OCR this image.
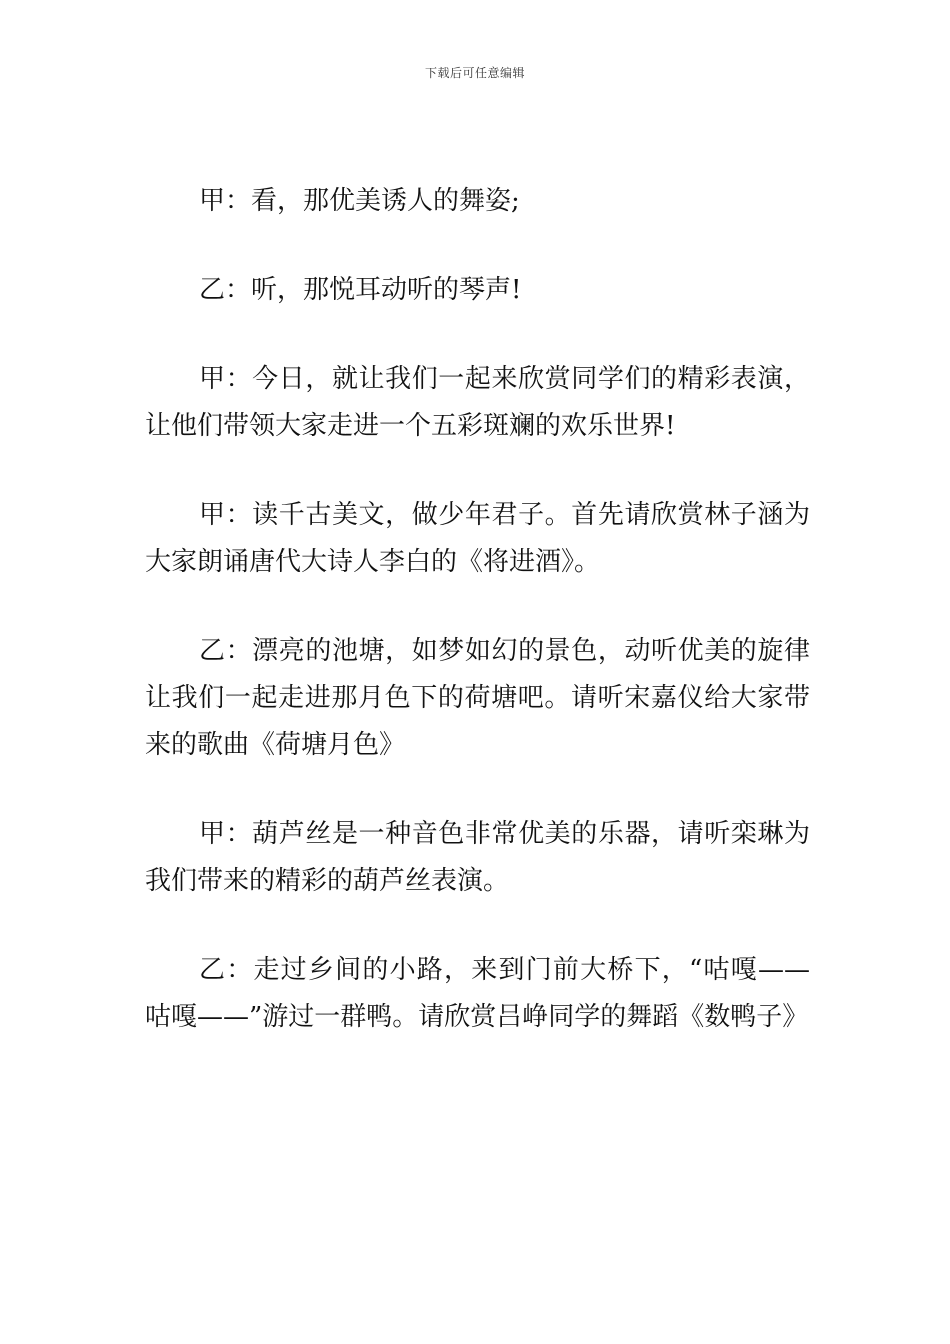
下载后可任意编辑

甲：看，那优美诱人的舞姿;

乙：听，那悦耳动听的琴声!

甲：今日，就让我们一起来欣赏同学们的精彩表演，让他们带领大家走进一个五彩斑斓的欢乐世界!

甲：读千古美文，做少年君子。首先请欣赏林子涵为大家朗诵唐代大诗人李白的《将进酒》。

乙：漂亮的池塘，如梦如幻的景色，动听优美的旋律让我们一起走进那月色下的荷塘吧。请听宋嘉仪给大家带来的歌曲《荷塘月色》

甲：葫芦丝是一种音色非常优美的乐器，请听栾琳为我们带来的精彩的葫芦丝表演。

乙：走过乡间的小路，来到门前大桥下，“咕嘎——咕嘎——”游过一群鸭。请欣赏吕峥同学的舞蹈《数鸭子》
